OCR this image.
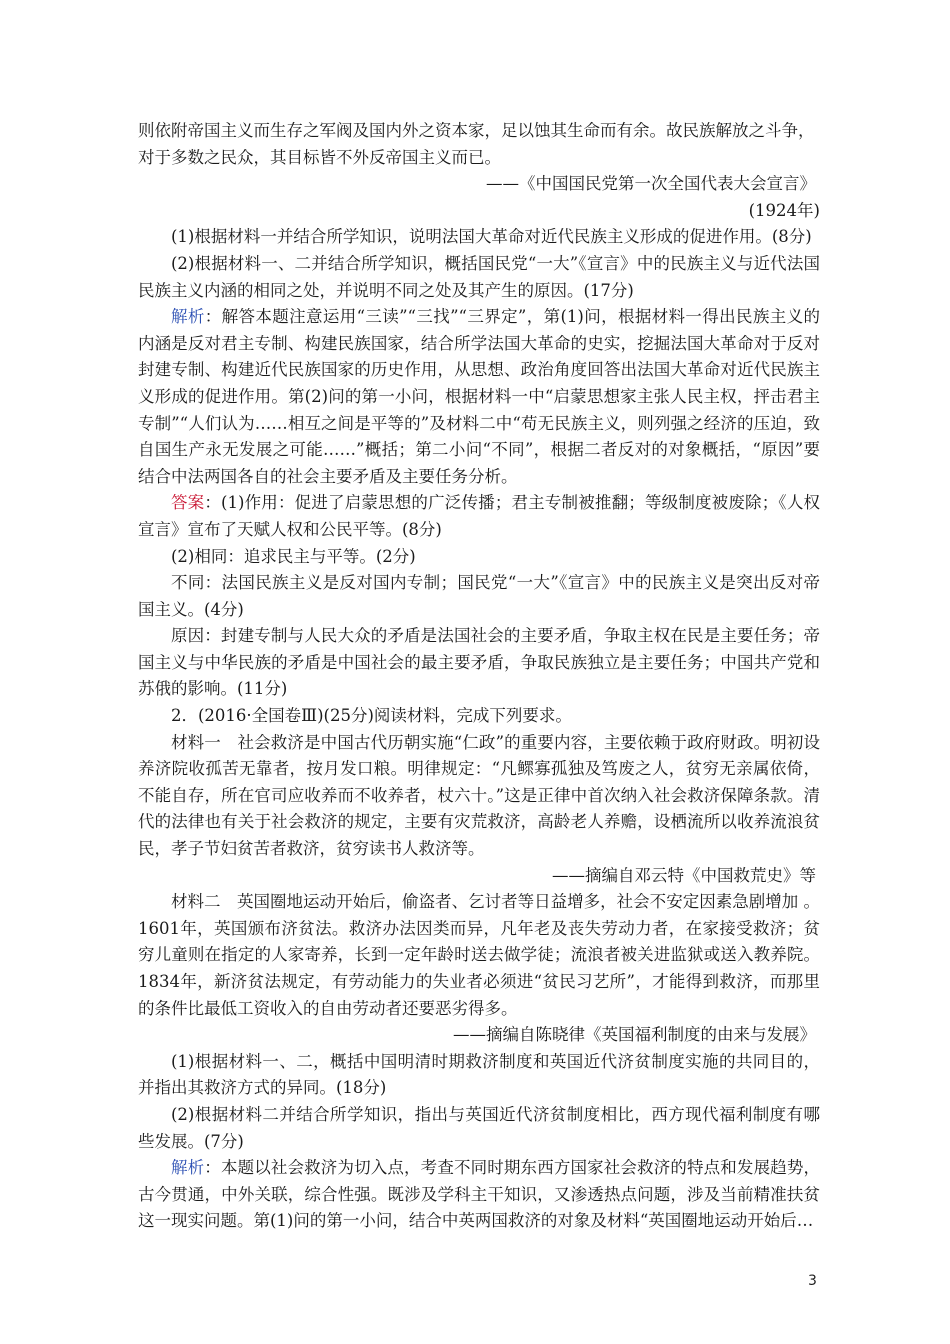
则依附帝国主义而生存之军阀及国内外之资本家，足以蚀其生命而有余。故民族解放之斗争，

对于多数之民众，其目标皆不外反帝国主义而已。

——《中国国民党第一次全国代表大会宣言》

(1924年)

(1)根据材料一并结合所学知识，说明法国大革命对近代民族主义形成的促进作用。(8分)

(2)根据材料一、二并结合所学知识，概括国民党“一大”《宣言》中的民族主义与近代法国民族主义内涵的相同之处，并说明不同之处及其产生的原因。(17分)

解析：解答本题注意运用“三读”“三找”“三界定”，第(1)问，根据材料一得出民族主义的内涵是反对君主专制、构建民族国家，结合所学法国大革命的史实，挖掘法国大革命对于反对封建专制、构建近代民族国家的历史作用，从思想、政治角度回答出法国大革命对近代民族主义形成的促进作用。第(2)问的第一小问，根据材料一中“启蒙思想家主张人民主权，抨击君主专制”“人们认为……相互之间是平等的”及材料二中“苟无民族主义，则列强之经济的压迫，致自国生产永无发展之可能……”概括；第二小问“不同”，根据二者反对的对象概括，“原因”要结合中法两国各自的社会主要矛盾及主要任务分析。

答案：(1)作用：促进了启蒙思想的广泛传播；君主专制被推翻；等级制度被废除；《人权宣言》宣布了天赋人权和公民平等。(8分)

(2)相同：追求民主与平等。(2分)

不同：法国民族主义是反对国内专制；国民党“一大”《宣言》中的民族主义是突出反对帝国主义。(4分)

原因：封建专制与人民大众的矛盾是法国社会的主要矛盾，争取主权在民是主要任务；帝国主义与中华民族的矛盾是中国社会的最主要矛盾，争取民族独立是主要任务；中国共产党和苏俄的影响。(11分)

2．(2016·全国卷Ⅲ)(25分)阅读材料，完成下列要求。

材料一　社会救济是中国古代历朝实施“仁政”的重要内容，主要依赖于政府财政。明初设养济院收孤苦无靠者，按月发口粮。明律规定：“凡鳏寡孤独及笃废之人，贫穷无亲属依倚，不能自存，所在官司应收养而不收养者，杖六十。”这是正律中首次纳入社会救济保障条款。清代的法律也有关于社会救济的规定，主要有灾荒救济，高龄老人养赡，设栖流所以收养流浪贫民，孝子节妇贫苦者救济，贫穷读书人救济等。

——摘编自邓云特《中国救荒史》等

材料二　英国圈地运动开始后，偷盗者、乞讨者等日益增多，社会不安定因素急剧增加 。1601年，英国颁布济贫法。救济办法因类而异，凡年老及丧失劳动力者，在家接受救济；贫穷儿童则在指定的人家寄养，长到一定年龄时送去做学徒；流浪者被关进监狱或送入教养院。1834年，新济贫法规定，有劳动能力的失业者必须进“贫民习艺所”，才能得到救济，而那里的条件比最低工资收入的自由劳动者还要恶劣得多。

——摘编自陈晓律《英国福利制度的由来与发展》

(1)根据材料一、二，概括中国明清时期救济制度和英国近代济贫制度实施的共同目的，并指出其救济方式的异同。(18分)

(2)根据材料二并结合所学知识，指出与英国近代济贫制度相比，西方现代福利制度有哪些发展。(7分)

解析：本题以社会救济为切入点，考查不同时期东西方国家社会救济的特点和发展趋势，古今贯通，中外关联，综合性强。既涉及学科主干知识，又渗透热点问题，涉及当前精准扶贫这一现实问题。第(1)问的第一小问，结合中英两国救济的对象及材料“英国圈地运动开始后…

3
